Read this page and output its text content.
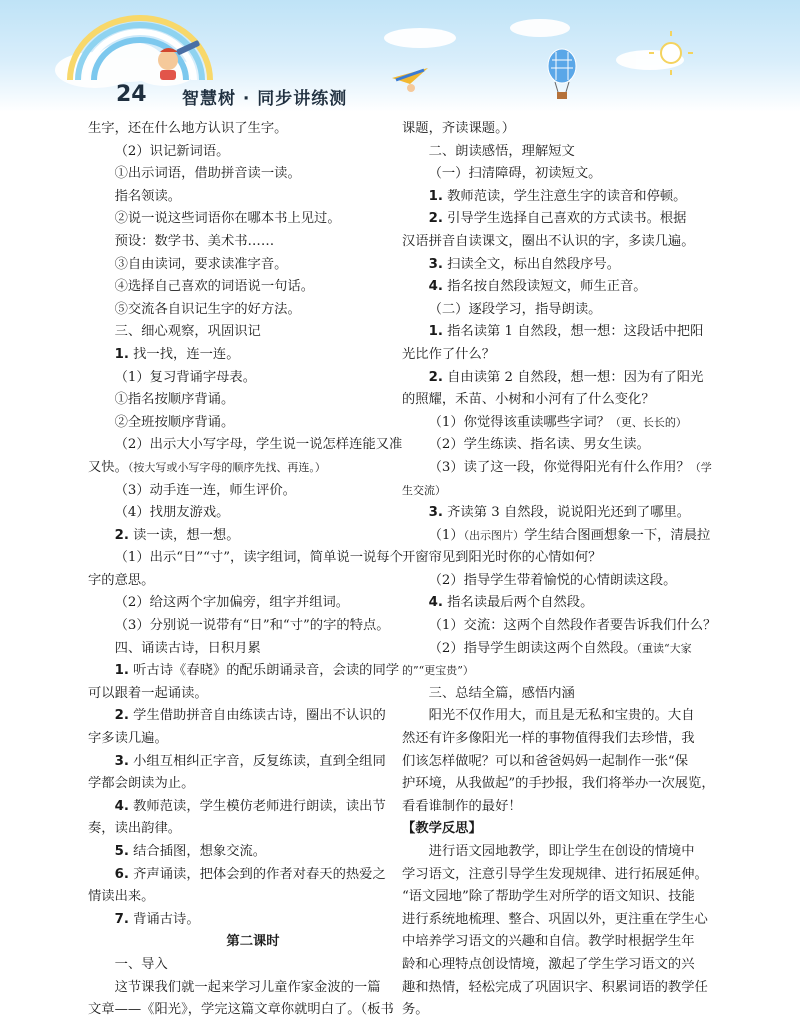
24 智慧树 · 同步讲练测

生字，还在什么地方认识了生字。

（2）识记新词语。

①出示词语，借助拼音读一读。

指名领读。

②说一说这些词语你在哪本书上见过。

预设：数学书、美术书……

③自由读词，要求读准字音。

④选择自己喜欢的词语说一句话。

⑤交流各自识记生字的好方法。

三、细心观察，巩固识记

1. 找一找，连一连。

（1）复习背诵字母表。

①指名按顺序背诵。

②全班按顺序背诵。

（2）出示大小写字母，学生说一说怎样连能又准

又快。（按大写或小写字母的顺序先找、再连。）

（3）动手连一连，师生评价。

（4）找朋友游戏。

2. 读一读，想一想。

（1）出示“日”“寸”，读字组词，简单说一说每个

字的意思。

（2）给这两个字加偏旁，组字并组词。

（3）分别说一说带有“日”和“寸”的字的特点。

四、诵读古诗，日积月累

1. 听古诗《春晓》的配乐朗诵录音，会读的同学

可以跟着一起诵读。

2. 学生借助拼音自由练读古诗，圈出不认识的

字多读几遍。

3. 小组互相纠正字音，反复练读，直到全组同

学都会朗读为止。

4. 教师范读，学生模仿老师进行朗读，读出节

奏，读出韵律。

5. 结合插图，想象交流。

6. 齐声诵读，把体会到的作者对春天的热爱之

情读出来。

7. 背诵古诗。

第二课时

一、导入

这节课我们就一起来学习儿童作家金波的一篇

文章——《阳光》，学完这篇文章你就明白了。（板书

课题，齐读课题。）

二、朗读感悟，理解短文

（一）扫清障碍，初读短文。

1. 教师范读，学生注意生字的读音和停顿。

2. 引导学生选择自己喜欢的方式读书。根据

汉语拼音自读课文，圈出不认识的字，多读几遍。

3. 扫读全文，标出自然段序号。

4. 指名按自然段读短文，师生正音。

（二）逐段学习，指导朗读。

1. 指名读第 1 自然段，想一想：这段话中把阳

光比作了什么？

2. 自由读第 2 自然段，想一想：因为有了阳光

的照耀，禾苗、小树和小河有了什么变化？

（1）你觉得该重读哪些字词？（更、长长的）

（2）学生练读、指名读、男女生读。

（3）读了这一段，你觉得阳光有什么作用？（学

生交流）

3. 齐读第 3 自然段，说说阳光还到了哪里。

（1）（出示图片）学生结合图画想象一下，清晨拉

开窗帘见到阳光时你的心情如何？

（2）指导学生带着愉悦的心情朗读这段。

4. 指名读最后两个自然段。

（1）交流：这两个自然段作者要告诉我们什么？

（2）指导学生朗读这两个自然段。（重读“大家

的”“更宝贵”）

三、总结全篇，感悟内涵

阳光不仅作用大，而且是无私和宝贵的。大自

然还有许多像阳光一样的事物值得我们去珍惜，我

们该怎样做呢？可以和爸爸妈妈一起制作一张“保

护环境，从我做起”的手抄报，我们将举办一次展览，

看看谁制作的最好！

【教学反思】

进行语文园地教学，即让学生在创设的情境中

学习语文，注意引导学生发现规律、进行拓展延伸。

“语文园地”除了帮助学生对所学的语文知识、技能

进行系统地梳理、整合、巩固以外，更注重在学生心

中培养学习语文的兴趣和自信。教学时根据学生年

龄和心理特点创设情境，激起了学生学习语文的兴

趣和热情，轻松完成了巩固识字、积累词语的教学任

务。
